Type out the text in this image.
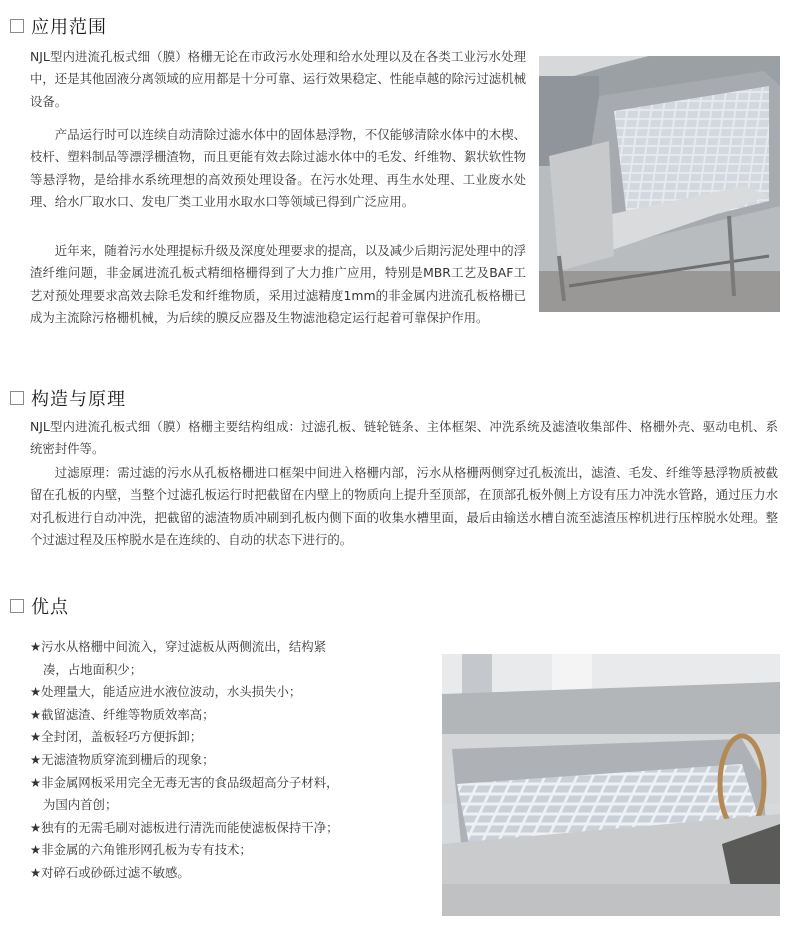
应用范围

NJL型内进流孔板式细（膜）格栅无论在市政污水处理和给水处理以及在各类工业污水处理中，还是其他固液分离领域的应用都是十分可靠、运行效果稳定、性能卓越的除污过滤机械设备。

产品运行时可以连续自动清除过滤水体中的固体悬浮物，不仅能够清除水体中的木楔、枝杆、塑料制品等漂浮栅渣物，而且更能有效去除过滤水体中的毛发、纤维物、絮状软性物等悬浮物，是给排水系统理想的高效预处理设备。在污水处理、再生水处理、工业废水处理、给水厂取水口、发电厂类工业用水取水口等领域已得到广泛应用。

近年来，随着污水处理提标升级及深度处理要求的提高，以及减少后期污泥处理中的浮渣纤维问题，非金属进流孔板式精细格栅得到了大力推广应用，特别是MBR工艺及BAF工艺对预处理要求高效去除毛发和纤维物质，采用过滤精度1mm的非金属内进流孔板格栅已成为主流除污格栅机械，为后续的膜反应器及生物滤池稳定运行起着可靠保护作用。

构造与原理

NJL型内进流孔板式细（膜）格栅主要结构组成：过滤孔板、链轮链条、主体框架、冲洗系统及滤渣收集部件、格栅外壳、驱动电机、系统密封件等。

过滤原理：需过滤的污水从孔板格栅进口框架中间进入格栅内部，污水从格栅两侧穿过孔板流出，滤渣、毛发、纤维等悬浮物质被截留在孔板的内壁，当整个过滤孔板运行时把截留在内壁上的物质向上提升至顶部，在顶部孔板外侧上方设有压力冲洗水管路，通过压力水对孔板进行自动冲洗，把截留的滤渣物质冲刷到孔板内侧下面的收集水槽里面，最后由输送水槽自流至滤渣压榨机进行压榨脱水处理。整个过滤过程及压榨脱水是在连续的、自动的状态下进行的。

优点
★污水从格栅中间流入，穿过滤板从两侧流出，结构紧凑，占地面积少；
★处理量大，能适应进水液位波动，水头损失小；
★截留滤渣、纤维等物质效率高；
★全封闭，盖板轻巧方便拆卸；
★无滤渣物质穿流到栅后的现象；
★非金属网板采用完全无毒无害的食品级超高分子材料，为国内首创；
★独有的无需毛刷对滤板进行清洗而能使滤板保持干净；
★非金属的六角锥形网孔板为专有技术；
★对碎石或砂砾过滤不敏感。
